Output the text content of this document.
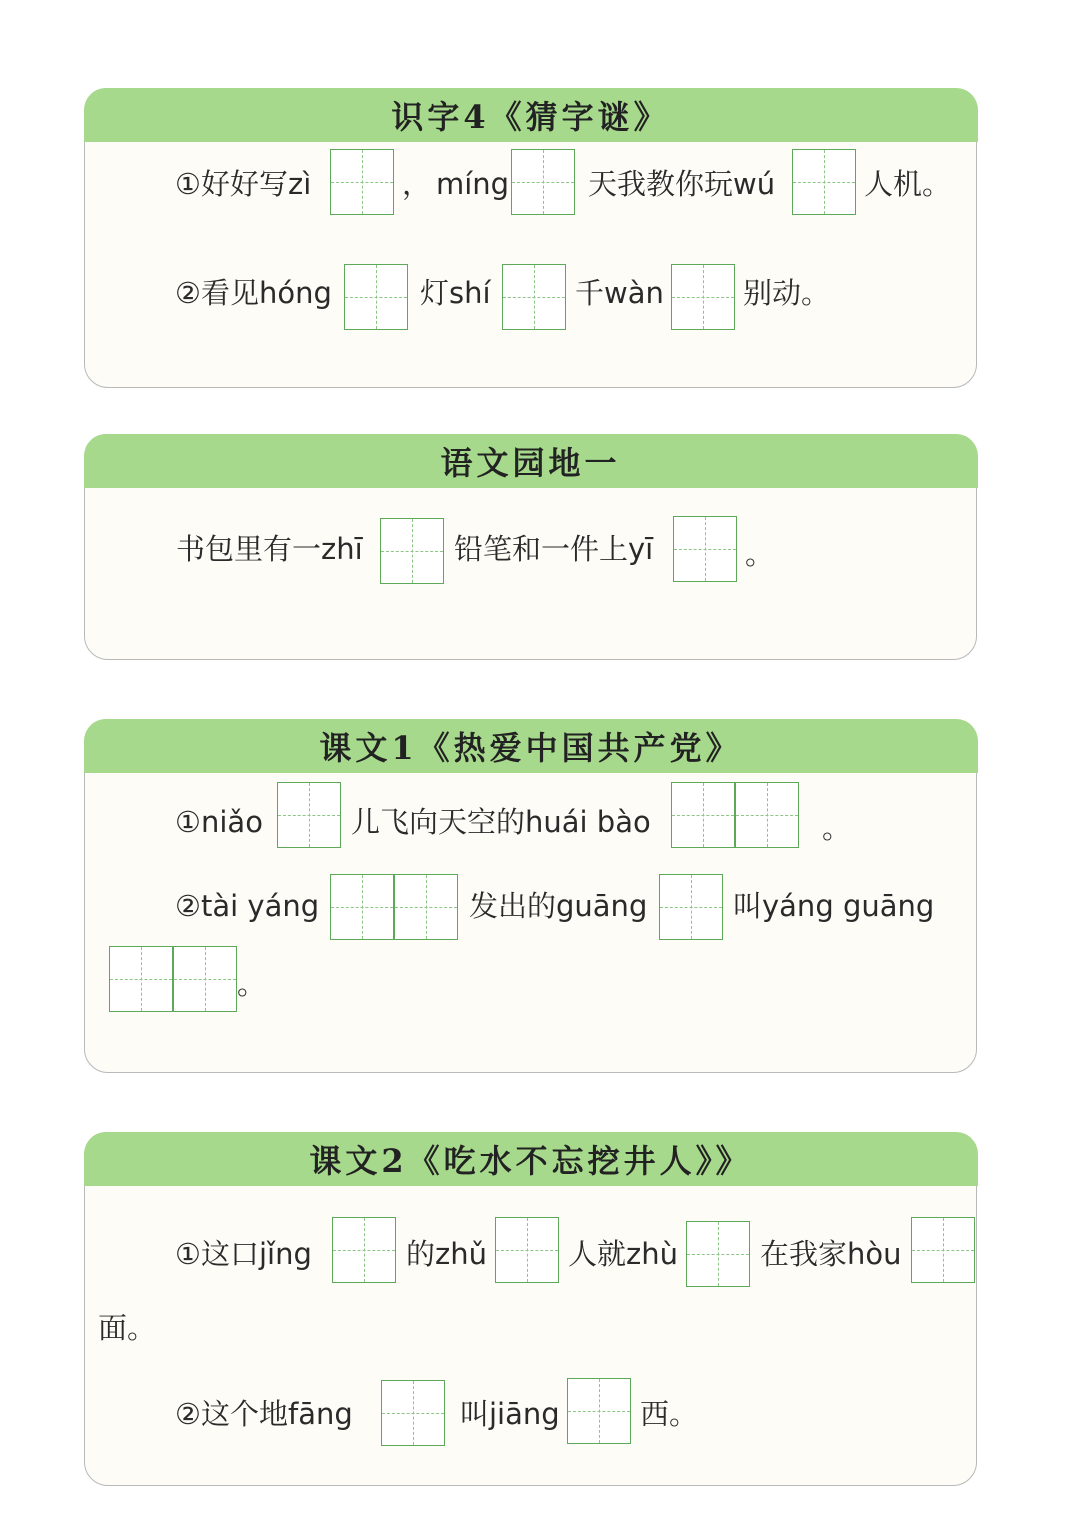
识字4《猜字谜》
①好好写zì	， míng	天我教你玩wú	人机。
②看见hóng	灯shí	千wàn	别动。
语文园地一
书包里有一zhī	铅笔和一件上yī	。
课文1《热爱中国共产党》
①niǎo	儿飞向天空的huái bào	。
②tài yáng	发出的guāng	叫yáng guāng
。
课文2《吃水不忘挖井人》》
①这口jǐng	的zhǔ	人就zhù	在我家hòu
面。
②这个地fāng	叫jiāng	西。
